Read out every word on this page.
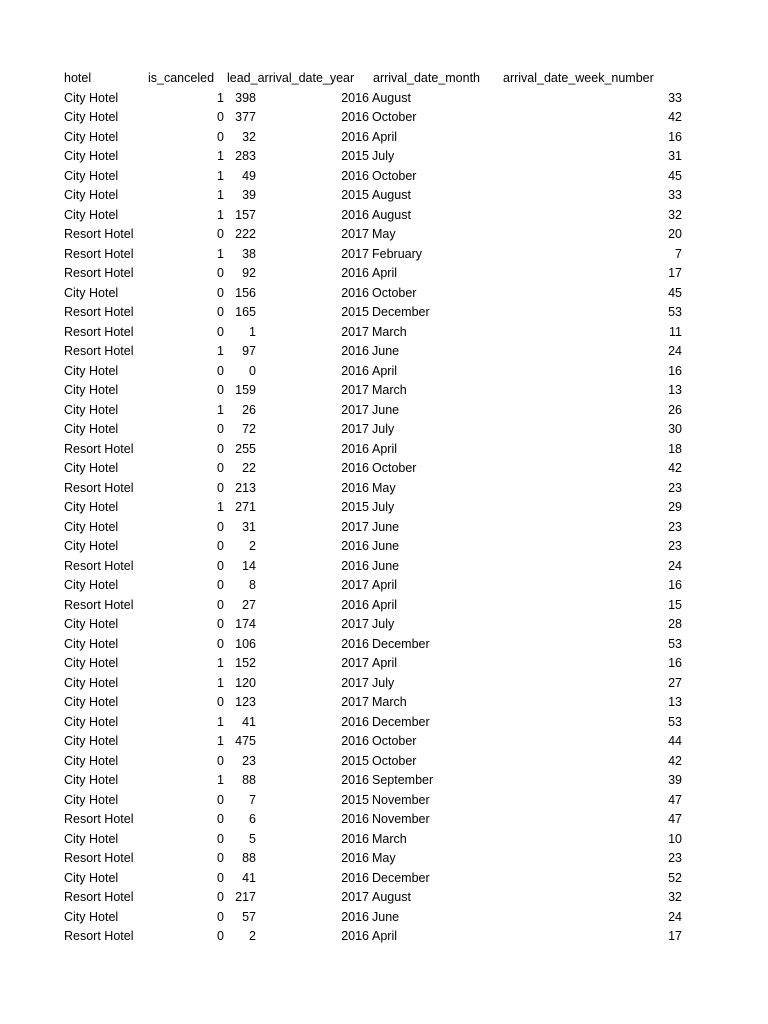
hotel	is_canceled lead_arrival_date_year arrival_date_month arrival_date_week_number
City Hotel	1 398	2016 August	33
City Hotel	0 377	2016 October	42
City Hotel	0	32	2016 April	16
City Hotel	1 283	2015 July	31
City Hotel	1	49	2016 October	45
City Hotel	1	39	2015 August	33
City Hotel	1 157	2016 August	32
Resort Hotel	0 222	2017 May	20
Resort Hotel	1	38	2017 February	7
Resort Hotel	0	92	2016 April	17
City Hotel	0 156	2016 October	45
Resort Hotel	0 165	2015 December	53
Resort Hotel	0	1	2017 March	11
Resort Hotel	1	97	2016 June	24
City Hotel	0	0	2016 April	16
City Hotel	0 159	2017 March	13
City Hotel	1	26	2017 June	26
City Hotel	0	72	2017 July	30
Resort Hotel	0 255	2016 April	18
City Hotel	0	22	2016 October	42
Resort Hotel	0 213	2016 May	23
City Hotel	1 271	2015 July	29
City Hotel	0	31	2017 June	23
City Hotel	0	2	2016 June	23
Resort Hotel	0	14	2016 June	24
City Hotel	0	8	2017 April	16
Resort Hotel	0	27	2016 April	15
City Hotel	0 174	2017 July	28
City Hotel	0 106	2016 December	53
City Hotel	1 152	2017 April	16
City Hotel	1 120	2017 July	27
City Hotel	0 123	2017 March	13
City Hotel	1	41	2016 December	53
City Hotel	1 475	2016 October	44
City Hotel	0	23	2015 October	42
City Hotel	1	88	2016 September	39
City Hotel	0	7	2015 November	47
Resort Hotel	0	6	2016 November	47
City Hotel	0	5	2016 March	10
Resort Hotel	0	88	2016 May	23
City Hotel	0	41	2016 December	52
Resort Hotel	0 217	2017 August	32
City Hotel	0	57	2016 June	24
Resort Hotel	0	2	2016 April	17
